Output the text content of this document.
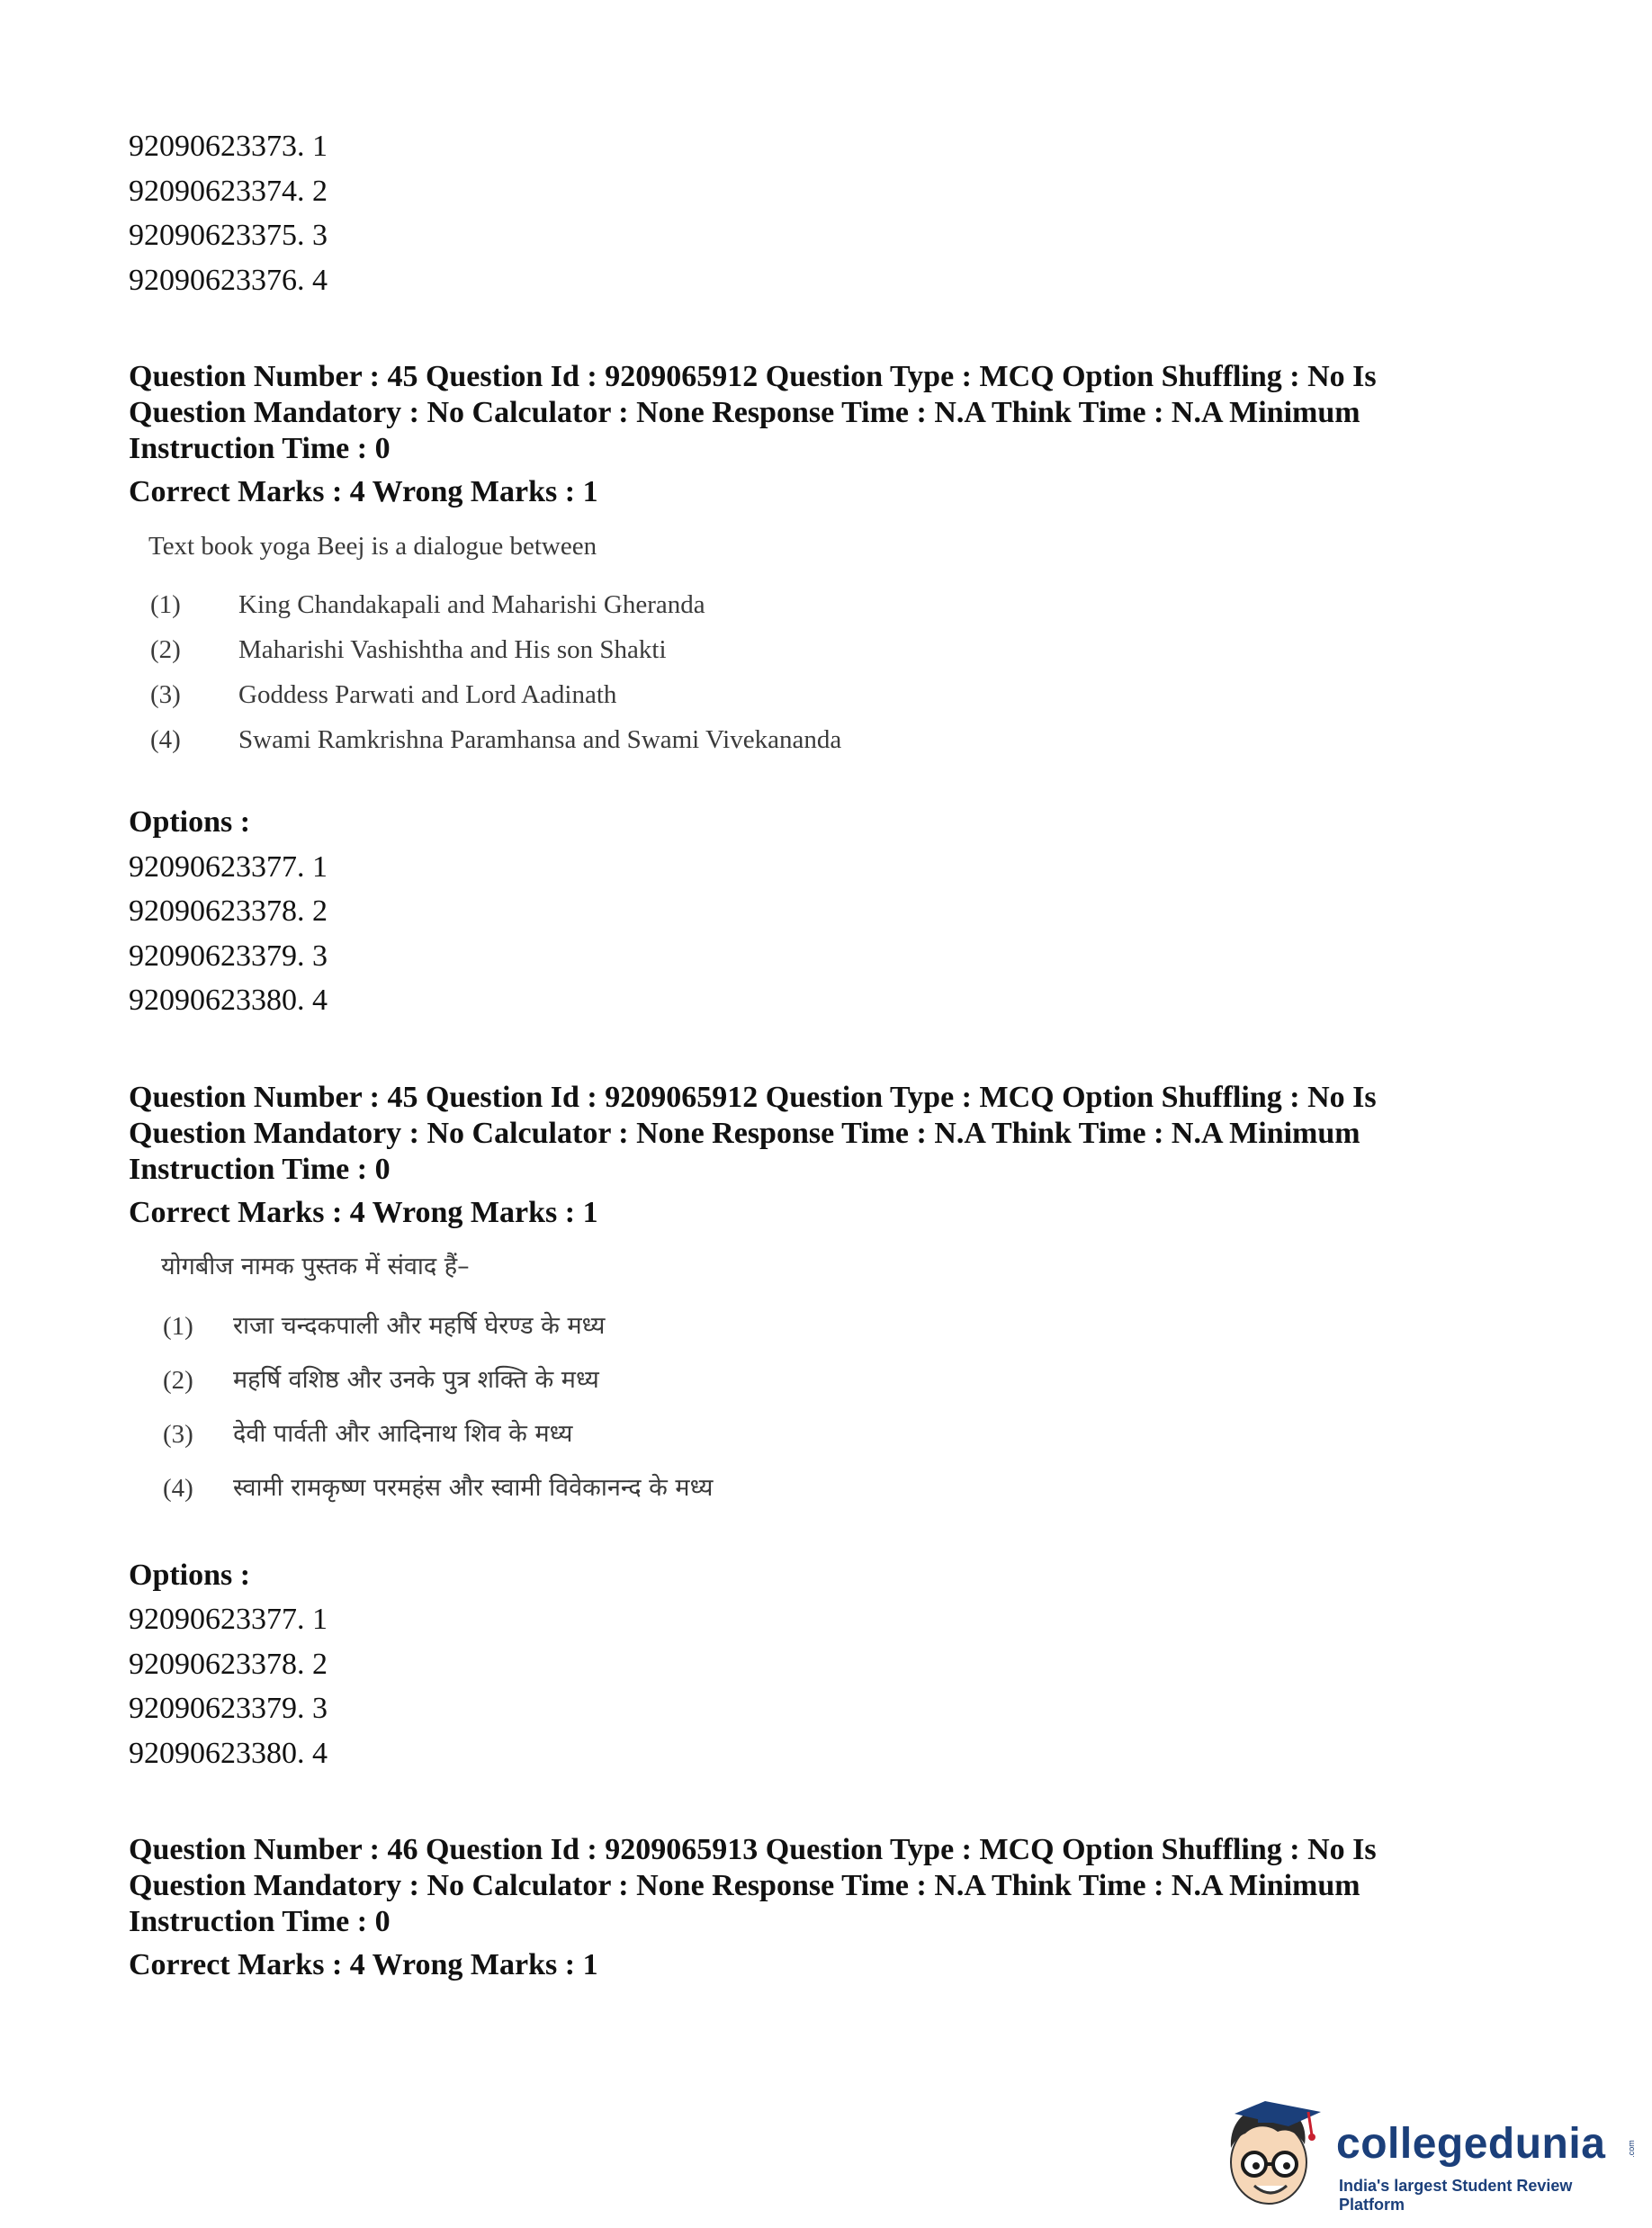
92090623373. 1
92090623374. 2
92090623375. 3
92090623376. 4
Question Number : 45 Question Id : 9209065912 Question Type : MCQ Option Shuffling : No Is
Question Mandatory : No Calculator : None Response Time : N.A Think Time : N.A Minimum
Instruction Time : 0
Correct Marks : 4 Wrong Marks : 1
Text book yoga Beej is a dialogue between
(1)	King Chandakapali and Maharishi Gheranda
(2)	Maharishi Vashishtha and His son Shakti
(3)	Goddess Parwati and Lord Aadinath
(4)	Swami Ramkrishna Paramhansa and Swami Vivekananda
Options :
92090623377. 1
92090623378. 2
92090623379. 3
92090623380. 4
Question Number : 45 Question Id : 9209065912 Question Type : MCQ Option Shuffling : No Is
Question Mandatory : No Calculator : None Response Time : N.A Think Time : N.A Minimum
Instruction Time : 0
Correct Marks : 4 Wrong Marks : 1
योगबीज नामक पुस्तक में संवाद हैं–
(1)	राजा चन्दकपाली और महर्षि घेरण्ड के मध्य
(2)	महर्षि वशिष्ठ और उनके पुत्र शक्ति के मध्य
(3)	देवी पार्वती और आदिनाथ शिव के मध्य
(4)	स्वामी रामकृष्ण परमहंस और स्वामी विवेकानन्द के मध्य
Options :
92090623377. 1
92090623378. 2
92090623379. 3
92090623380. 4
Question Number : 46 Question Id : 9209065913 Question Type : MCQ Option Shuffling : No Is
Question Mandatory : No Calculator : None Response Time : N.A Think Time : N.A Minimum
Instruction Time : 0
Correct Marks : 4 Wrong Marks : 1
collegedunia	.com
India's largest Student Review Platform
